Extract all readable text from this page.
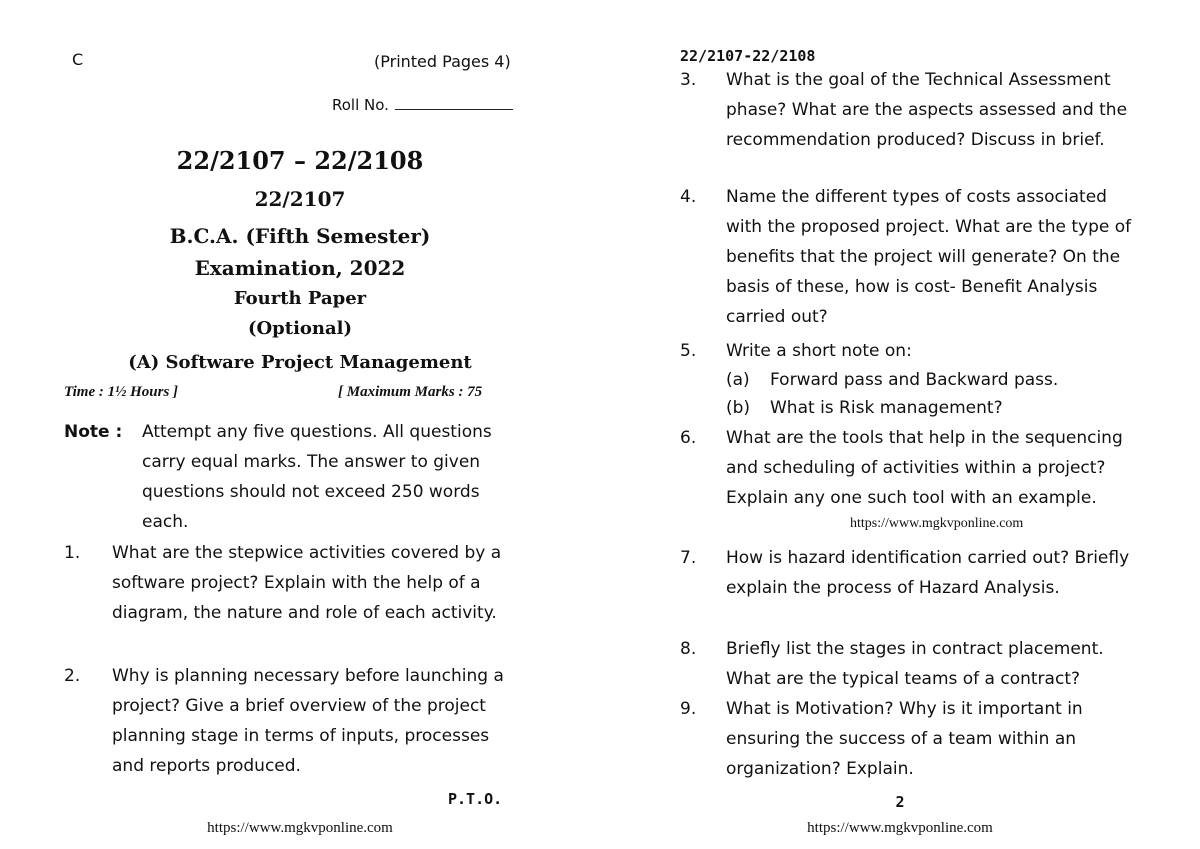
C	(Printed Pages 4)
Roll No.
22/2107 – 22/2108
22/2107
B.C.A. (Fifth Semester)
Examination, 2022
Fourth Paper
(Optional)
(A) Software Project Management
Time : 1½ Hours ]	[ Maximum Marks : 75
Note : Attempt any five questions. All questions carry equal marks. The answer to given questions should not exceed 250 words each.
1. What are the stepwice activities covered by a software project? Explain with the help of a diagram, the nature and role of each activity.
2. Why is planning necessary before launching a project? Give a brief overview of the project planning stage in terms of inputs, processes and reports produced.
P.T.O.
https://www.mgkvponline.com
22/2107-22/2108
3. What is the goal of the Technical Assessment phase? What are the aspects assessed and the recommendation produced? Discuss in brief.
4. Name the different types of costs associated with the proposed project. What are the type of benefits that the project will generate? On the basis of these, how is cost- Benefit Analysis carried out?
5. Write a short note on:
(a) Forward pass and Backward pass.
(b) What is Risk management?
6. What are the tools that help in the sequencing and scheduling of activities within a project? Explain any one such tool with an example.
https://www.mgkvponline.com
7. How is hazard identification carried out? Briefly explain the process of Hazard Analysis.
8. Briefly list the stages in contract placement. What are the typical teams of a contract?
9. What is Motivation? Why is it important in ensuring the success of a team within an organization? Explain.
2
https://www.mgkvponline.com
